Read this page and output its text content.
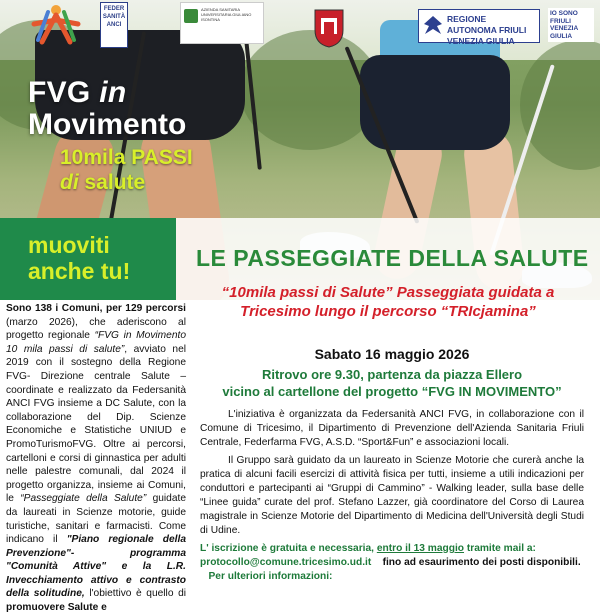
FEDER SANITÀ ANCI
AZIENDA SANITARIA UNIVERSITARIA GIULIANO ISONTINA	REGIONE AUTONOMA FRIULI VENEZIA GIULIA
IO SONO FRIULI VENEZIA GIULIA
FVG in
Movimento
10mila PASSI
di salute
muoviti anche tu!	LE PASSEGGIATE DELLA SALUTE
“10mila passi di Salute” Passeggiata guidata a
Tricesimo lungo il percorso “TRIcjamina”

Sono 138 i Comuni, per 129 percorsi (marzo 2026), che aderiscono al progetto regionale “FVG in Movimento 10 mila passi di salute”, avviato nel 2019 con il sostegno della Regione FVG- Direzione centrale Salute – coordinate e realizzato da Federsanità ANCI FVG insieme a DC Salute, con la collaborazione del Dip. Scienze Economiche e Statistiche UNIUD e PromoTurismoFVG. Oltre ai percorsi, cartelloni e corsi di ginnastica per adulti nelle palestre comunali, dal 2024 il progetto organizza, insieme ai Comuni, le “Passeggiate della Salute” guidate da laureati in Scienze motorie, guide turistiche, sanitari e farmacisti. Come indicano il "Piano regionale della Prevenzione"- programma "Comunità Attive" e la L.R. Invecchiamento attivo e contrasto della solitudine, l'obiettivo è quello di promuovere Salute e

Sabato 16 maggio 2026

Ritrovo ore 9.30, partenza da piazza Ellero
vicino al cartellone del progetto “FVG IN MOVIMENTO”

L'iniziativa è organizzata da Federsanità ANCI FVG, in collaborazione con il Comune di Tricesimo, il Dipartimento di Prevenzione dell'Azienda Sanitaria Friuli Centrale, Federfarma FVG, A.S.D. “Sport&Fun” e associazioni locali.

Il Gruppo sarà guidato da un laureato in Scienze Motorie che curerà anche la pratica di alcuni facili esercizi di attività fisica per tutti, insieme a utili indicazioni per conduttori e partecipanti ai “Gruppi di Cammino” - Walking leader, sulla base delle “Linee guida” curate del prof. Stefano Lazzer, già coordinatore del Corso di Laurea magistrale in Scienze Motorie del Dipartimento di Medicina dell'Università degli Studi di Udine.

L' iscrizione è gratuita e necessaria, entro il 13 maggio tramite mail a:

protocollo@comune.tricesimo.ud.it    fino ad esaurimento dei posti disponibili.

Per ulteriori informazioni:
